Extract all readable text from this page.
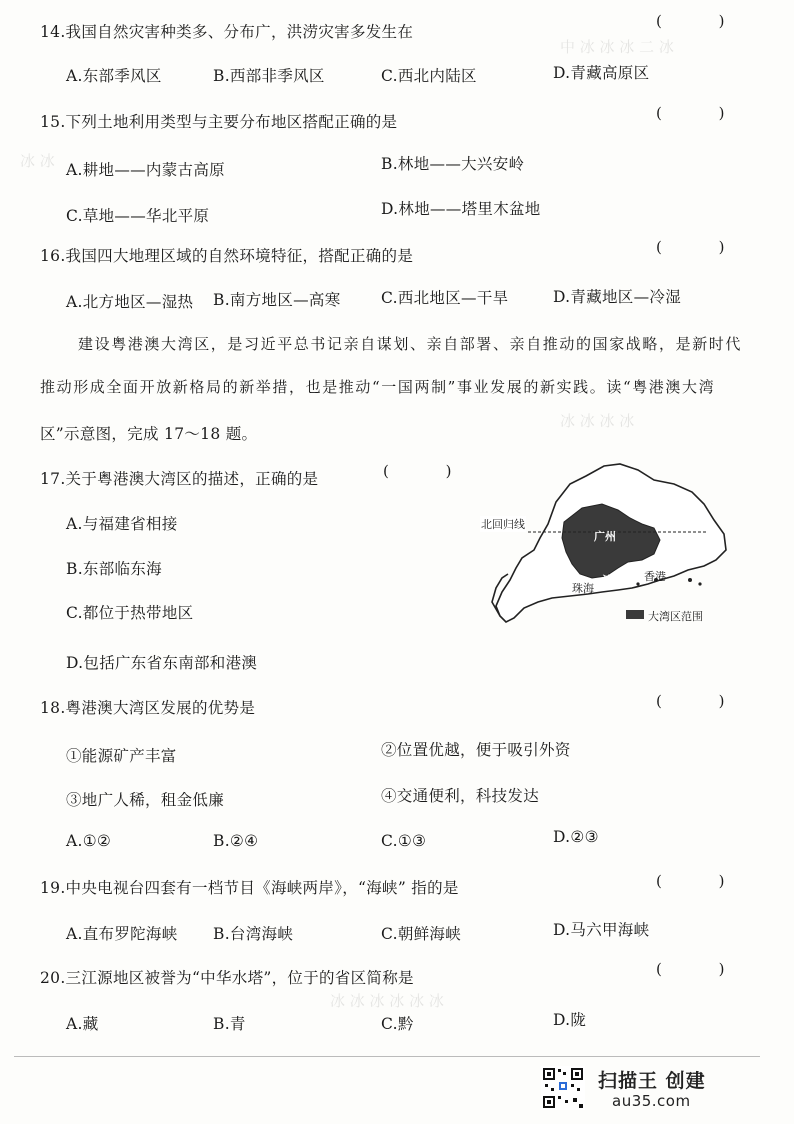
中 冰 冰 冰 二 冰
冰 冰
冰 冰 冰 冰
冰 冰 冰 冰 冰 冰
14.我国自然灾害种类多、分布广，洪涝灾害多发生在
( )
A.东部季风区	B.西部非季风区	C.西北内陆区	D.青藏高原区
15.下列土地利用类型与主要分布地区搭配正确的是	( )
A.耕地——内蒙古高原	B.林地——大兴安岭
C.草地——华北平原	D.林地——塔里木盆地
16.我国四大地理区域的自然环境特征，搭配正确的是	( )
A.北方地区—湿热 B.南方地区—高寒	C.西北地区—干旱	D.青藏地区—冷湿
建设粤港澳大湾区，是习近平总书记亲自谋划、亲自部署、亲自推动的国家战略，是新时代
推动形成全面开放新格局的新举措，也是推动“一国两制”事业发展的新实践。读“粤港澳大湾
区”示意图，完成 17～18 题。
17.关于粤港澳大湾区的描述，正确的是	( )
A.与福建省相接
B.东部临东海
C.都位于热带地区
D.包括广东省东南部和港澳
北回归线
广州
香港
珠海
澳门
大湾区范围
18.粤港澳大湾区发展的优势是	( )
①能源矿产丰富	②位置优越，便于吸引外资
③地广人稀，租金低廉	④交通便利，科技发达
A.①②	B.②④	C.①③	D.②③
19.中央电视台四套有一档节目《海峡两岸》，“海峡” 指的是	( )
A.直布罗陀海峡 B.台湾海峡	C.朝鲜海峡	D.马六甲海峡
20.三江源地区被誉为“中华水塔”，位于的省区简称是	( )
A.藏	B.青	C.黔	D.陇
扫描王 创建
au35.com
